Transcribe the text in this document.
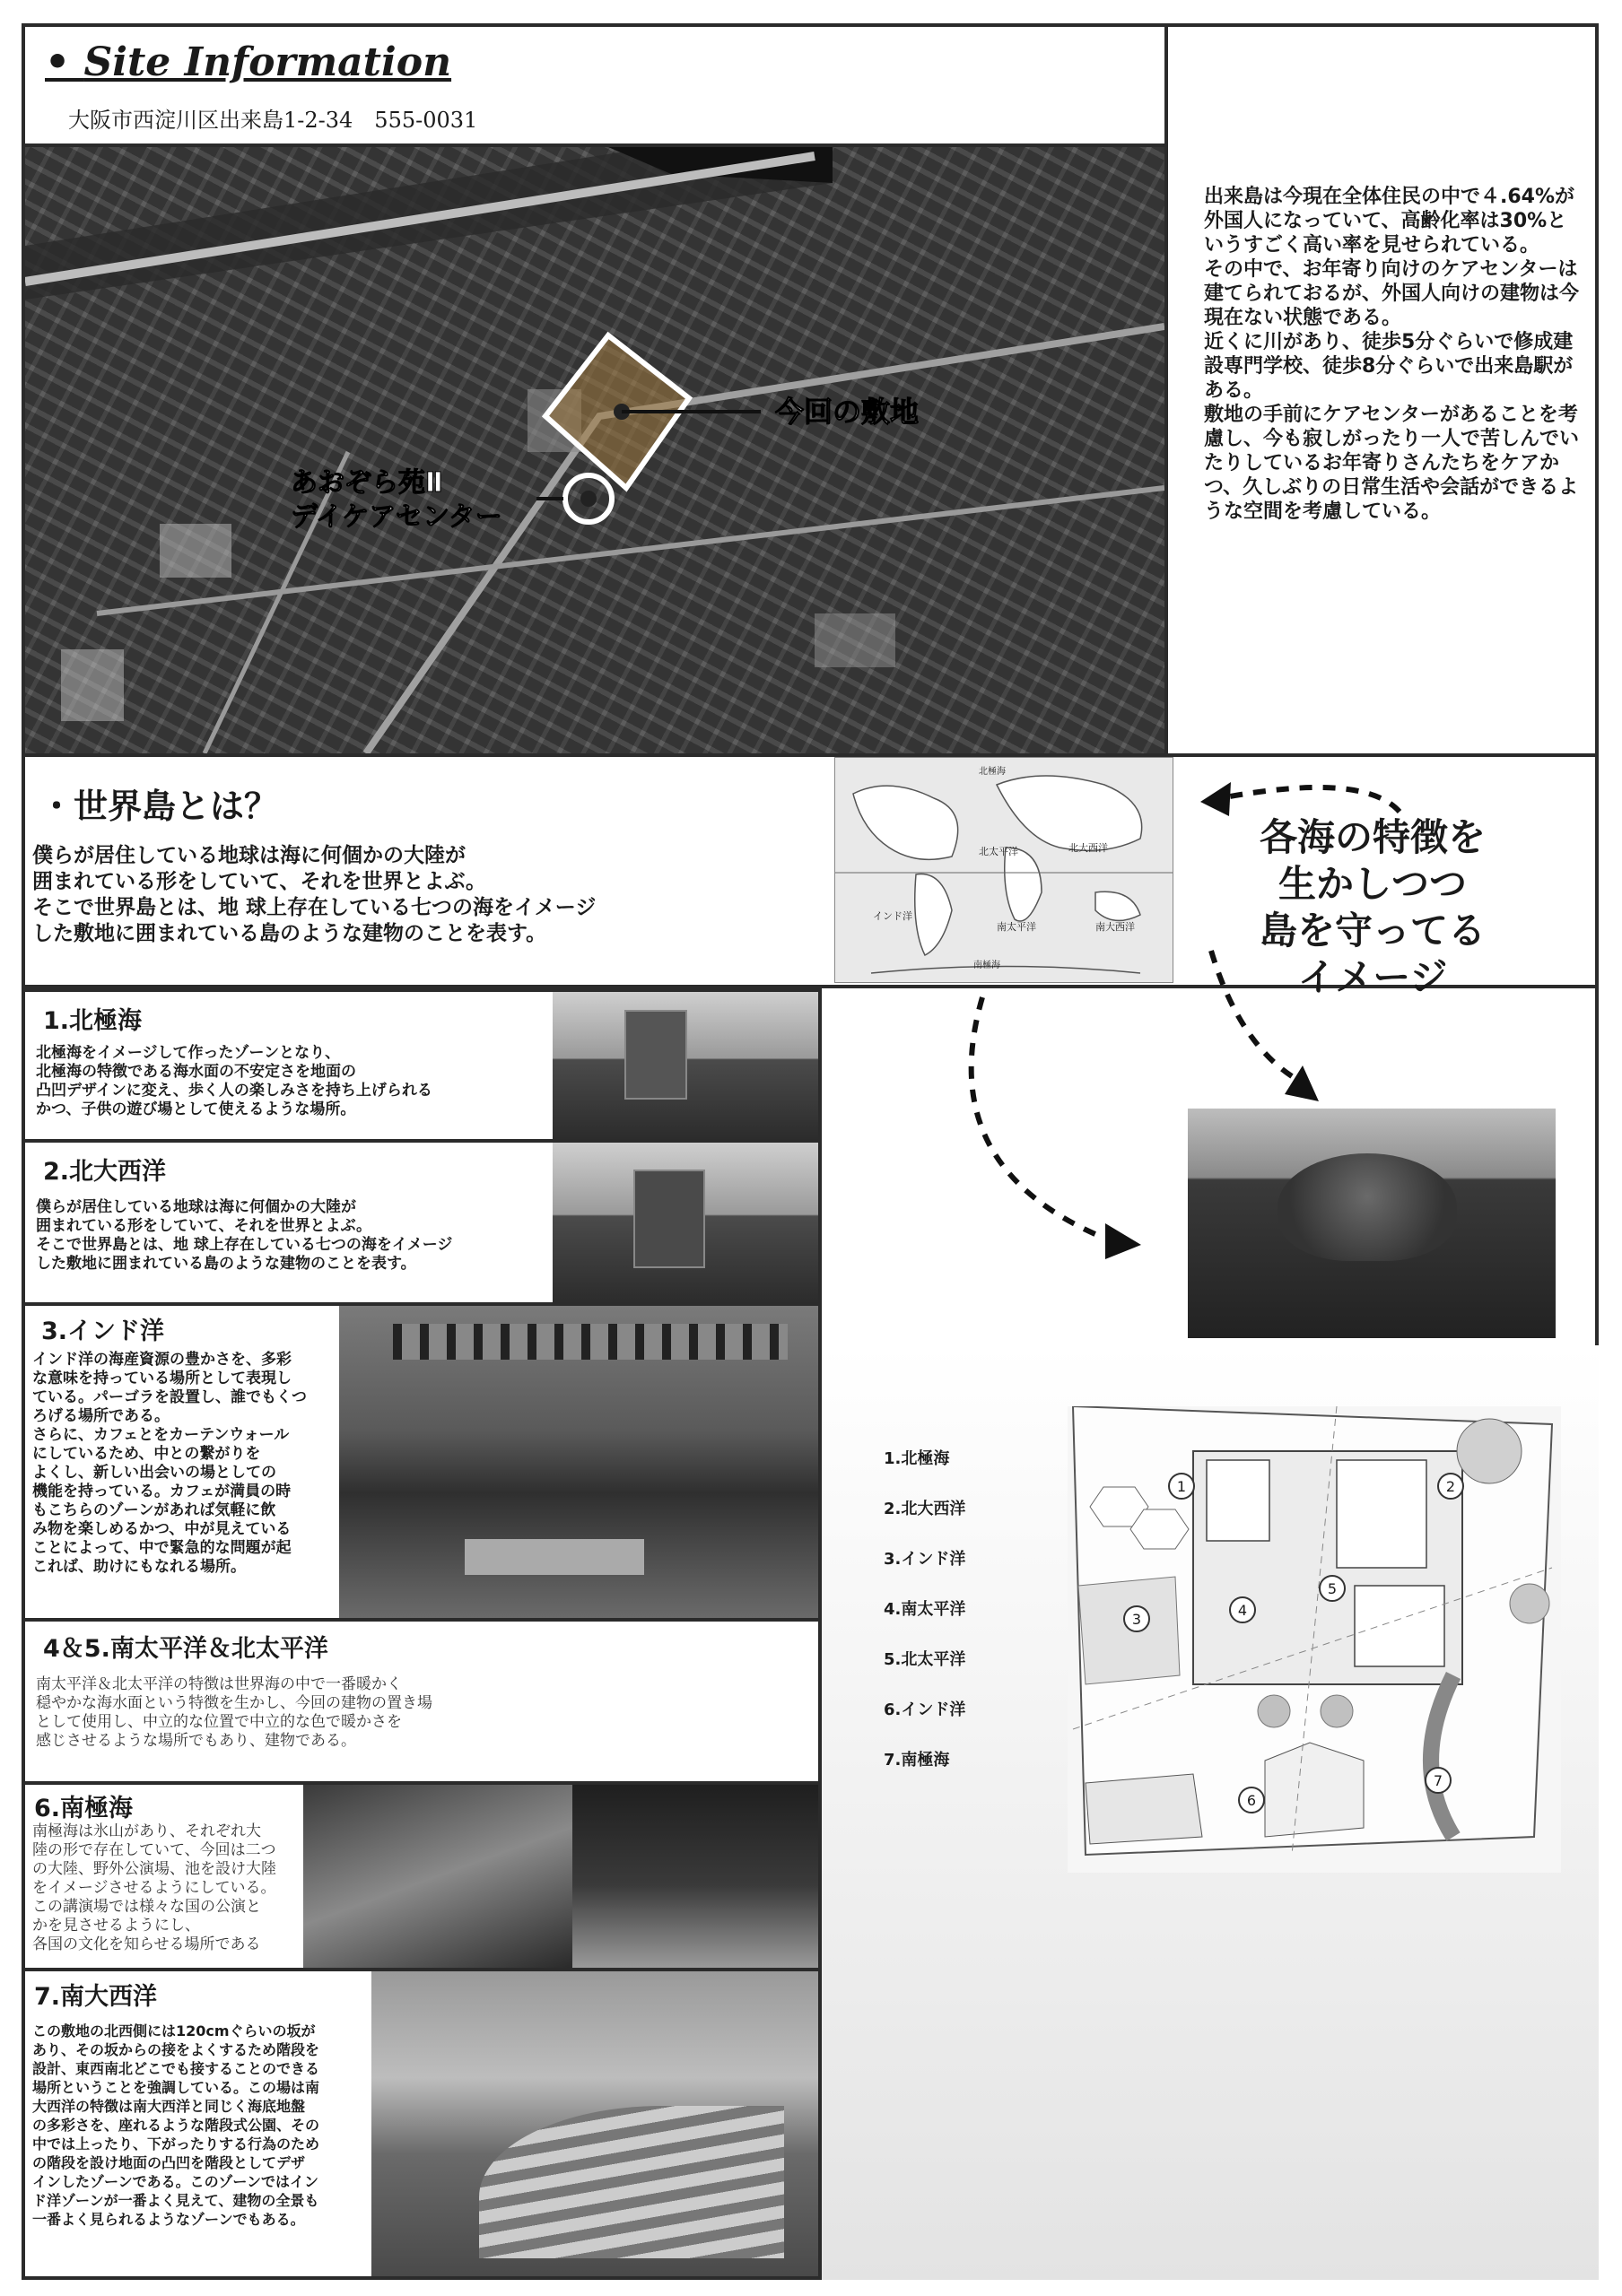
• Site Information
大阪市西淀川区出来島1-2-34　555-0031
出来島は今現在全体住民の中で４.64%が外国人になっていて、高齢化率は30%というすごく高い率を見せられている。
その中で、お年寄り向けのケアセンターは建てられておるが、外国人向けの建物は今現在ない状態である。
近くに川があり、徒歩5分ぐらいで修成建設専門学校、徒歩8分ぐらいで出来島駅がある。
敷地の手前にケアセンターがあることを考慮し、今も寂しがったり一人で苦しんでいたりしているお年寄りさんたちをケアかつ、久しぶりの日常生活や会話ができるような空間を考慮している。
今回の敷地
あおぞら苑Ⅱ
デイケアセンター
・世界島とは？
僕らが居住している地球は海に何個かの大陸が
囲まれている形をしていて、それを世界とよぶ。
そこで世界島とは、地 球上存在している七つの海をイメージ
した敷地に囲まれている島のような建物のことを表す。
北極海
北太平洋	北大西洋
インド洋
南太平洋	南大西洋
南極海
各海の特徴を
生かしつつ
島を守ってる
イメージ
1.北極海
北極海をイメージして作ったゾーンとなり、
北極海の特徴である海水面の不安定さを地面の
凸凹デザインに変え、歩く人の楽しみさを持ち上げられる
かつ、子供の遊び場として使えるような場所。
2.北大西洋
僕らが居住している地球は海に何個かの大陸が
囲まれている形をしていて、それを世界とよぶ。
そこで世界島とは、地 球上存在している七つの海をイメージ
した敷地に囲まれている島のような建物のことを表す。
3.インド洋
インド洋の海産資源の豊かさを、多彩
な意味を持っている場所として表現し
ている。パーゴラを設置し、誰でもくつ
ろげる場所である。
さらに、カフェとをカーテンウォール
にしているため、中との繋がりを
よくし、新しい出会いの場としての
機能を持っている。カフェが満員の時
もこちらのゾーンがあれば気軽に飲
み物を楽しめるかつ、中が見えている
ことによって、中で緊急的な問題が起
これば、助けにもなれる場所。
4＆5.南太平洋＆北太平洋
南太平洋＆北太平洋の特徴は世界海の中で一番暖かく
穏やかな海水面という特徴を生かし、今回の建物の置き場
として使用し、中立的な位置で中立的な色で暖かさを
感じさせるような場所でもあり、建物である。
6.南極海
南極海は氷山があり、それぞれ大
陸の形で存在していて、今回は二つ
の大陸、野外公演場、池を設け大陸
をイメージさせるようにしている。
この講演場では様々な国の公演と
かを見させるようにし、
各国の文化を知らせる場所である
7.南大西洋
この敷地の北西側には120cmぐらいの坂が
あり、その坂からの接をよくするため階段を
設計、東西南北どこでも接することのできる
場所ということを強調している。この場は南
大西洋の特徴は南大西洋と同じく海底地盤
の多彩さを、座れるような階段式公園、その
中では上ったり、下がったりする行為のため
の階段を設け地面の凸凹を階段としてデザ
インしたゾーンである。このゾーンではイン
ド洋ゾーンが一番よく見えて、建物の全景も
一番よく見られるようなゾーンでもある。
1.北極海
2.北大西洋
3.インド洋
4.南太平洋
5.北太平洋
6.インド洋
7.南極海
1	2
3
4
5
6
7
